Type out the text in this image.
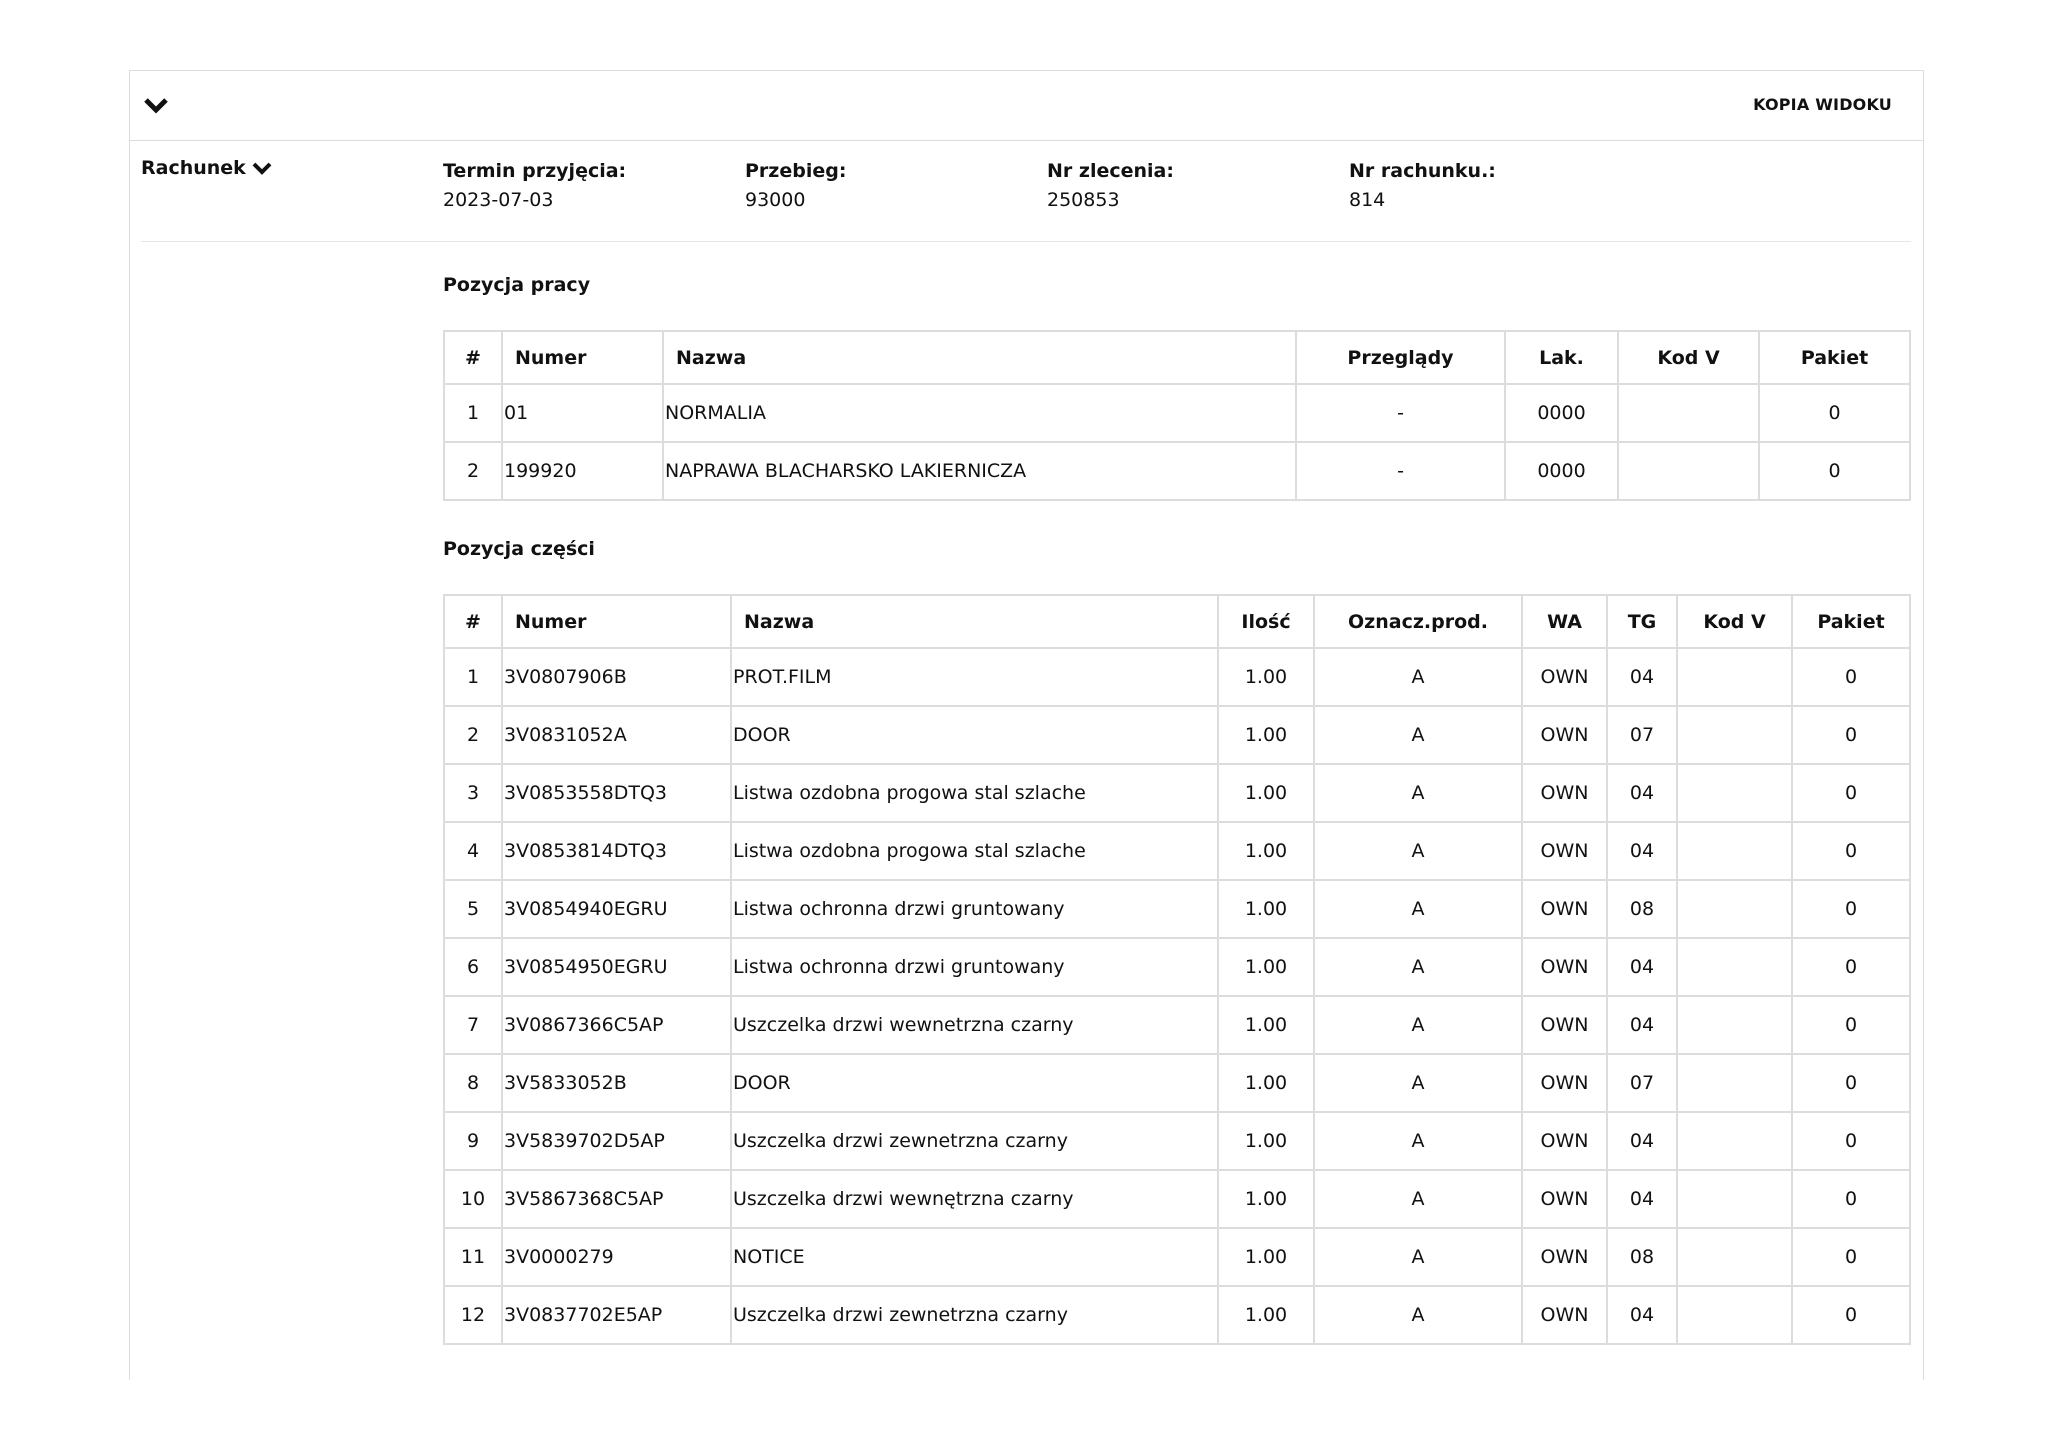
KOPIA WIDOKU
Rachunek	Termin przyjęcia:
2023-07-03
Przebieg:
93000
Nr zlecenia:
250853
Nr rachunku.:
814
Pozycja pracy
#	Numer	Nazwa	Przeglądy	Lak.	Kod V	Pakiet
1	01	NORMALIA	-	0000		0
2	199920	NAPRAWA BLACHARSKO LAKIERNICZA	-	0000		0
Pozycja części
#	Numer	Nazwa	Ilość	Oznacz.prod.	WA	TG	Kod V	Pakiet
1	3V0807906B	PROT.FILM	1.00	A	OWN	04		0
2	3V0831052A	DOOR	1.00	A	OWN	07		0
3	3V0853558DTQ3	Listwa ozdobna progowa stal szlache	1.00	A	OWN	04		0
4	3V0853814DTQ3	Listwa ozdobna progowa stal szlache	1.00	A	OWN	04		0
5	3V0854940EGRU	Listwa ochronna drzwi gruntowany	1.00	A	OWN	08		0
6	3V0854950EGRU	Listwa ochronna drzwi gruntowany	1.00	A	OWN	04		0
7	3V0867366C5AP	Uszczelka drzwi wewnetrzna czarny	1.00	A	OWN	04		0
8	3V5833052B	DOOR	1.00	A	OWN	07		0
9	3V5839702D5AP	Uszczelka drzwi zewnetrzna czarny	1.00	A	OWN	04		0
10	3V5867368C5AP	Uszczelka drzwi wewnętrzna czarny	1.00	A	OWN	04		0
11	3V0000279	NOTICE	1.00	A	OWN	08		0
12	3V0837702E5AP	Uszczelka drzwi zewnetrzna czarny	1.00	A	OWN	04		0
